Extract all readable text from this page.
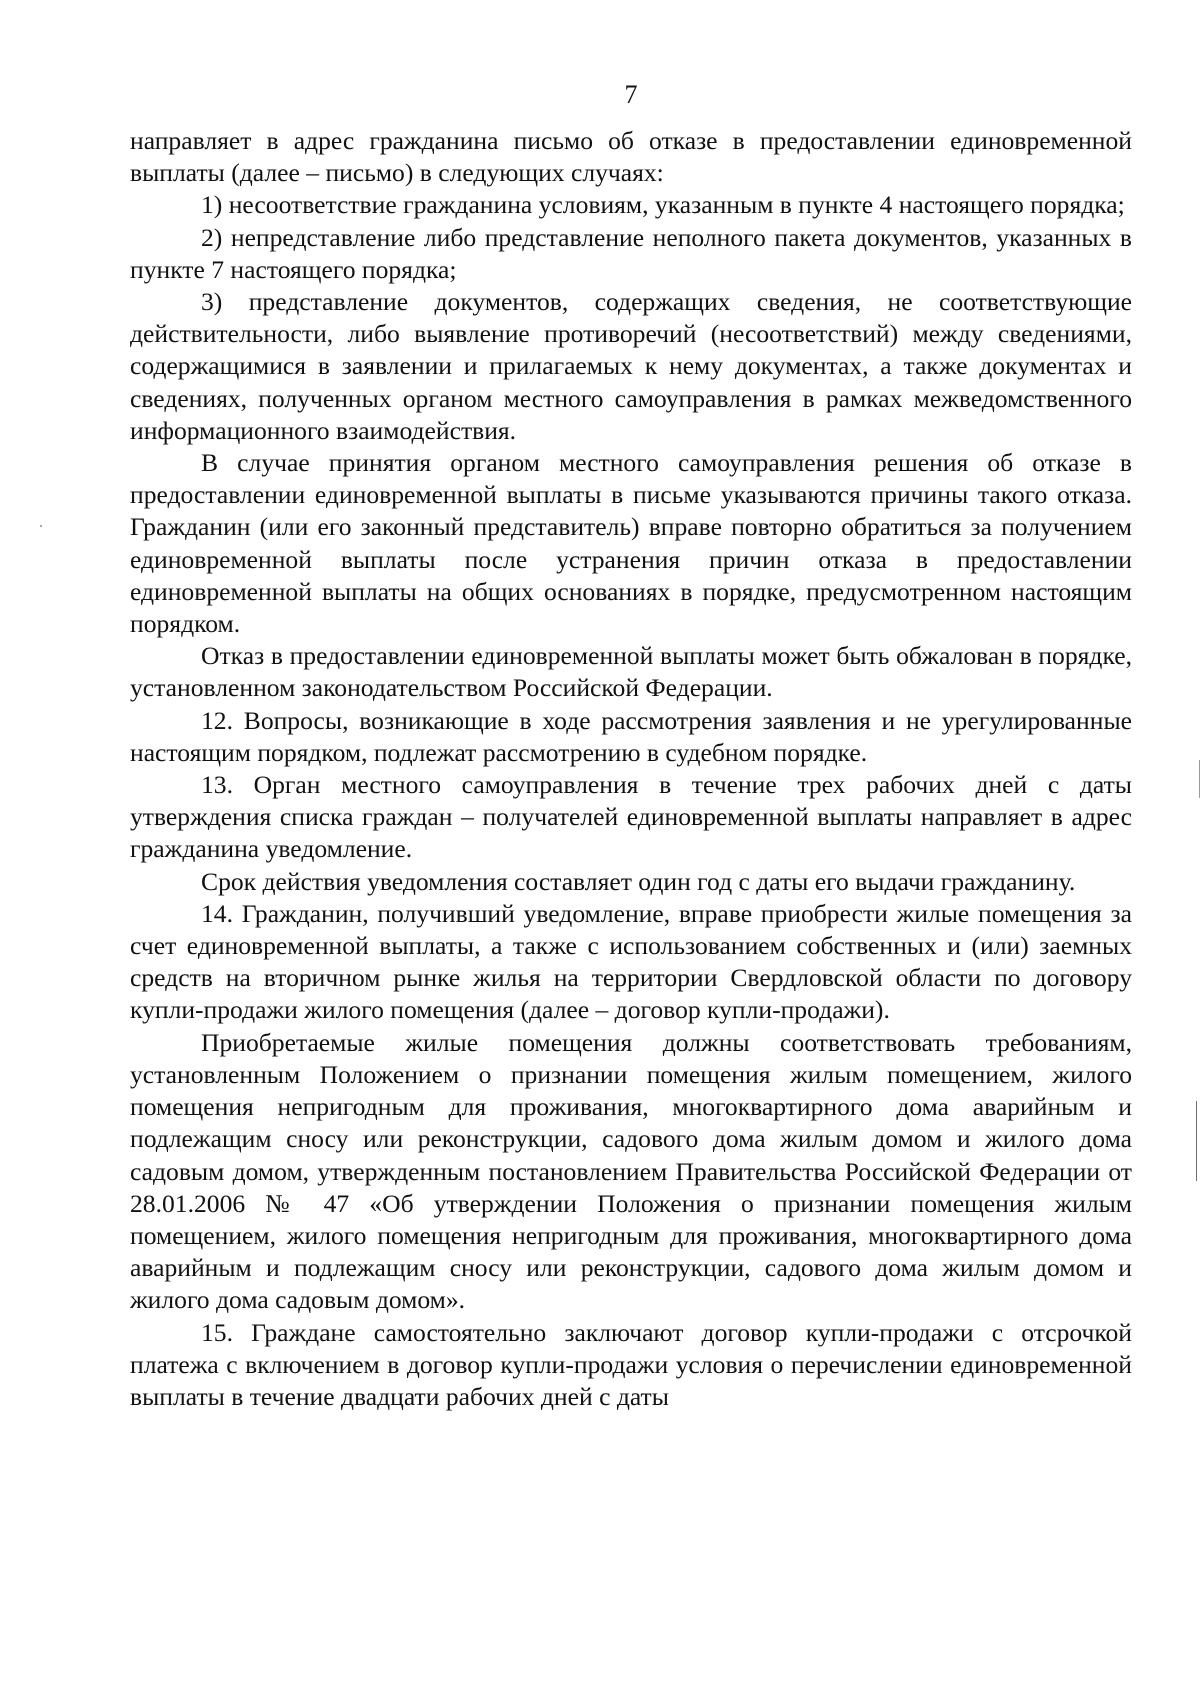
7

направляет в адрес гражданина письмо об отказе в предоставлении единовременной выплаты (далее – письмо) в следующих случаях:

1) несоответствие гражданина условиям, указанным в пункте 4 настоящего порядка;

2) непредставление либо представление неполного пакета документов, указанных в пункте 7 настоящего порядка;

3) представление документов, содержащих сведения, не соответствующие действительности, либо выявление противоречий (несоответствий) между сведениями, содержащимися в заявлении и прилагаемых к нему документах, а также документах и сведениях, полученных органом местного самоуправления в рамках межведомственного информационного взаимодействия.

В случае принятия органом местного самоуправления решения об отказе в предоставлении единовременной выплаты в письме указываются причины такого отказа. Гражданин (или его законный представитель) вправе повторно обратиться за получением единовременной выплаты после устранения причин отказа в предоставлении единовременной выплаты на общих основаниях в порядке, предусмотренном настоящим порядком.

Отказ в предоставлении единовременной выплаты может быть обжалован в порядке, установленном законодательством Российской Федерации.

12. Вопросы, возникающие в ходе рассмотрения заявления и не урегулированные настоящим порядком, подлежат рассмотрению в судебном порядке.

13. Орган местного самоуправления в течение трех рабочих дней с даты утверждения списка граждан – получателей единовременной выплаты направляет в адрес гражданина уведомление.

Срок действия уведомления составляет один год с даты его выдачи гражданину.

14. Гражданин, получивший уведомление, вправе приобрести жилые помещения за счет единовременной выплаты, а также с использованием собственных и (или) заемных средств на вторичном рынке жилья на территории Свердловской области по договору купли-продажи жилого помещения (далее – договор купли-продажи).

Приобретаемые жилые помещения должны соответствовать требованиям, установленным Положением о признании помещения жилым помещением, жилого помещения непригодным для проживания, многоквартирного дома аварийным и подлежащим сносу или реконструкции, садового дома жилым домом и жилого дома садовым домом, утвержденным постановлением Правительства Российской Федерации от 28.01.2006 № 47 «Об утверждении Положения о признании помещения жилым помещением, жилого помещения непригодным для проживания, многоквартирного дома аварийным и подлежащим сносу или реконструкции, садового дома жилым домом и жилого дома садовым домом».

15. Граждане самостоятельно заключают договор купли-продажи с отсрочкой платежа с включением в договор купли-продажи условия о перечислении единовременной выплаты в течение двадцати рабочих дней с даты
